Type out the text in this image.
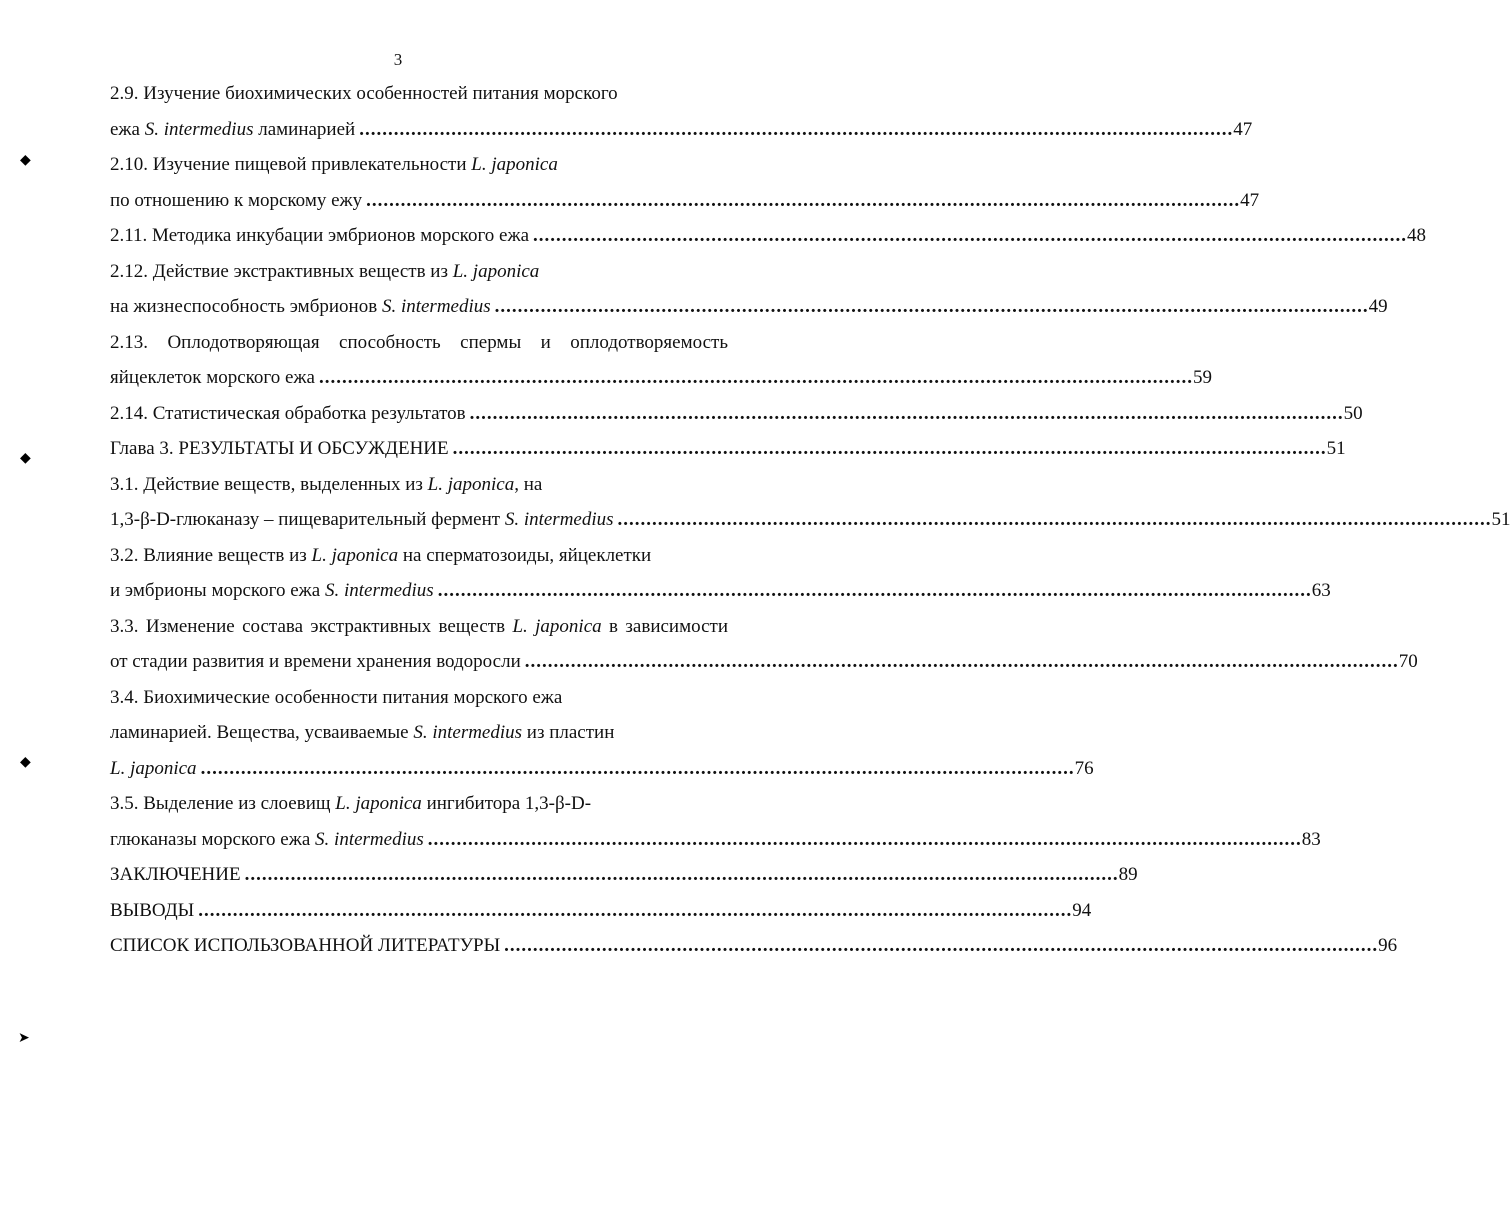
3
2.9. Изучение биохимических особенностей питания морского
ежа S. intermedius ламинарией ........................................................................................................................................................ 47
2.10. Изучение пищевой привлекательности L. japonica
по отношению к морскому ежу ........................................................................................................................................................ 47
2.11. Методика инкубации эмбрионов морского ежа ........................................................................................................................................................ 48
2.12. Действие экстрактивных веществ из L. japonica
на жизнеспособность эмбрионов S. intermedius ........................................................................................................................................................ 49
2.13. Оплодотворяющая способность спермы и оплодотворяемость
яйцеклеток морского ежа ........................................................................................................................................................ 59
2.14. Статистическая обработка результатов ........................................................................................................................................................ 50
Глава 3. РЕЗУЛЬТАТЫ И ОБСУЖДЕНИЕ ........................................................................................................................................................ 51
3.1. Действие веществ, выделенных из L. japonica, на
1,3-β-D-глюканазу – пищеварительный фермент S. intermedius ........................................................................................................................................................ 51
3.2. Влияние веществ из L. japonica на сперматозоиды, яйцеклетки
и эмбрионы морского ежа S. intermedius ........................................................................................................................................................ 63
3.3. Изменение состава экстрактивных веществ L. japonica в зависимости
от стадии развития и времени хранения водоросли ........................................................................................................................................................ 70
3.4. Биохимические особенности питания морского ежа
ламинарией. Вещества, усваиваемые S. intermedius из пластин
L. japonica ........................................................................................................................................................ 76
3.5. Выделение из слоевищ L. japonica ингибитора 1,3-β-D-
глюканазы морского ежа S. intermedius ........................................................................................................................................................ 83
ЗАКЛЮЧЕНИЕ ........................................................................................................................................................ 89
ВЫВОДЫ ........................................................................................................................................................ 94
СПИСОК ИСПОЛЬЗОВАННОЙ ЛИТЕРАТУРЫ ........................................................................................................................................................ 96
◆
◆
◆
➤
